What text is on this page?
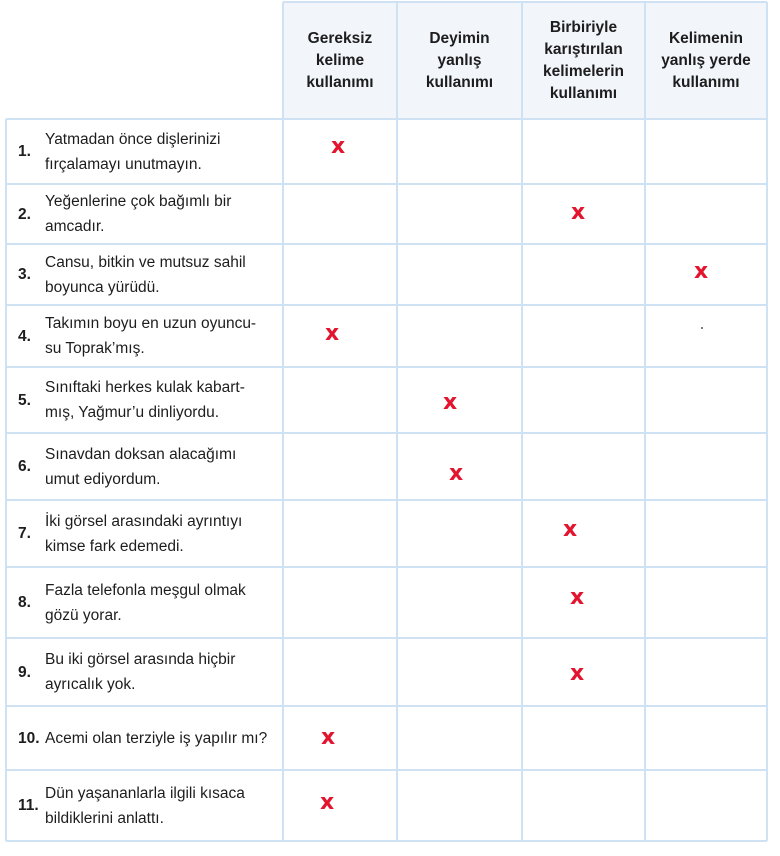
Gereksiz
kelime
kullanımı
Deyimin
yanlış
kullanımı
Birbiriyle
karıştırılan
kelimelerin
kullanımı
Kelimenin
yanlış yerde
kullanımı
1.
Yatmadan önce dişlerinizi
fırçalamayı unutmayın.
2.
Yeğenlerine çok bağımlı bir
amcadır.
3.
Cansu, bitkin ve mutsuz sahil
boyunca yürüdü.
4.
Takımın boyu en uzun oyuncu-
su Toprak’mış.
5.
Sınıftaki herkes kulak kabart-
mış, Yağmur’u dinliyordu.
6.
Sınavdan doksan alacağımı
umut ediyordum.
7.
İki görsel arasındaki ayrıntıyı
kimse fark edemedi.
8.
Fazla telefonla meşgul olmak
gözü yorar.
9.
Bu iki görsel arasında hiçbir
ayrıcalık yok.
10. Acemi olan terziyle iş yapılır mı?
11.
Dün yaşananlarla ilgili kısaca
bildiklerini anlattı.
x
x
x
x
x
x
x
x
x
x
x
